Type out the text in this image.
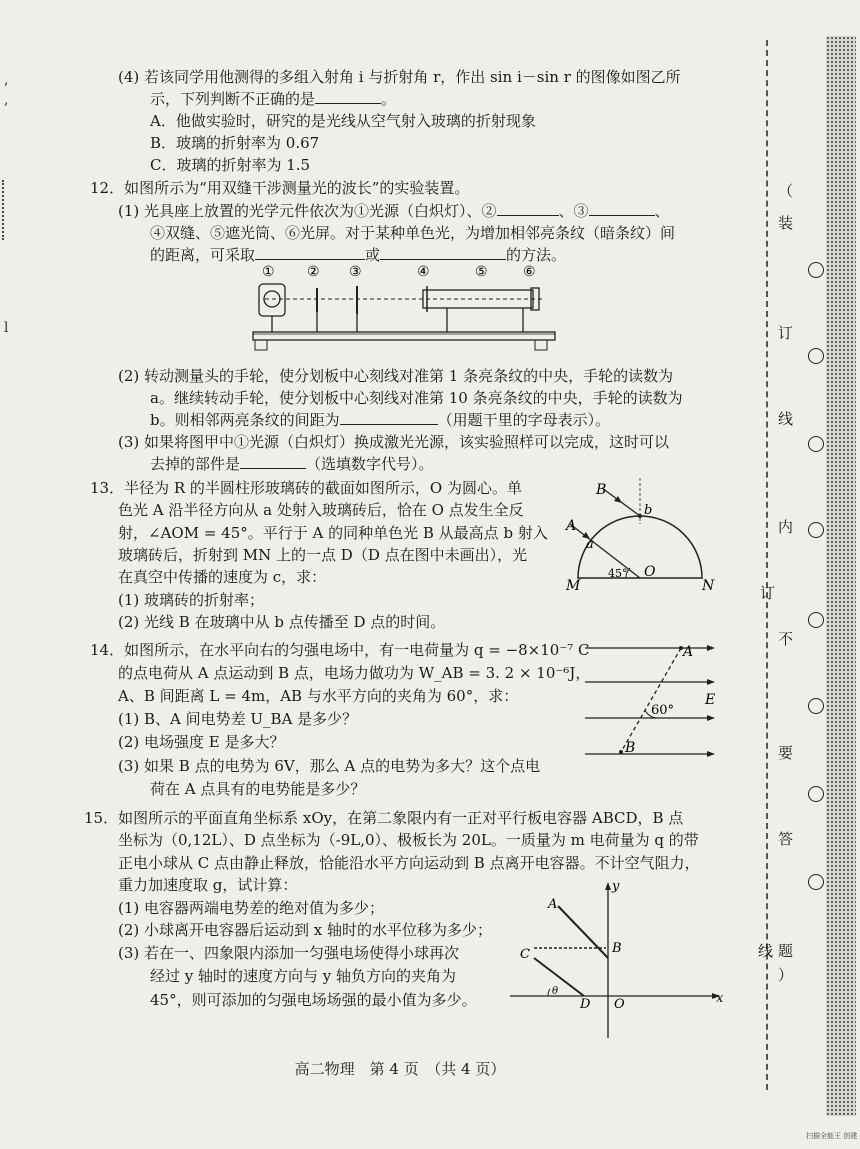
(4) 若该同学用他测得的多组入射角 i 与折射角 r，作出 sin i－sin r 的图像如图乙所
示，下列判断不正确的是	。
A．他做实验时，研究的是光线从空气射入玻璃的折射现象
B．玻璃的折射率为 0.67
C．玻璃的折射率为 1.5
12．如图所示为“用双缝干涉测量光的波长”的实验装置。
(1) 光具座上放置的光学元件依次为①光源（白炽灯）、②	、③	、
④双缝、⑤遮光筒、⑥光屏。对于某种单色光，为增加相邻亮条纹（暗条纹）间
的距离，可采取	或	的方法。
① ② ③	④	⑤	⑥
(2) 转动测量头的手轮，使分划板中心刻线对准第 1 条亮条纹的中央，手轮的读数为
a。继续转动手轮，使分划板中心刻线对准第 10 条亮条纹的中央，手轮的读数为
b。则相邻两亮条纹的间距为	（用题干里的字母表示）。
(3) 如果将图甲中①光源（白炽灯）换成激光光源，该实验照样可以完成，这时可以
去掉的部件是	（选填数字代号）。
13．半径为 R 的半圆柱形玻璃砖的截面如图所示，O 为圆心。单
色光 A 沿半径方向从 a 处射入玻璃砖后，恰在 O 点发生全反
射，∠AOM = 45°。平行于 A 的同种单色光 B 从最高点 b 射入
玻璃砖后，折射到 MN 上的一点 D（D 点在图中未画出），光
在真空中传播的速度为 c，求：
(1) 玻璃砖的折射率；
(2) 光线 B 在玻璃中从 b 点传播至 D 点的时间。
B
b
A
a
M	N
O
45°
14．如图所示，在水平向右的匀强电场中，有一电荷量为 q = −8×10⁻⁷ C
的点电荷从 A 点运动到 B 点，电场力做功为 W_AB = 3. 2 × 10⁻⁶J，
A、B 间距离 L = 4m，AB 与水平方向的夹角为 60°，求：
(1) B、A 间电势差 U_BA 是多少？
(2) 电场强度 E 是多大？
(3) 如果 B 点的电势为 6V，那么 A 点的电势为多大？这个点电
荷在 A 点具有的电势能是多少？
A
B
E
60°
15．如图所示的平面直角坐标系 xOy，在第二象限内有一正对平行板电容器 ABCD，B 点
坐标为（0,12L）、D 点坐标为（-9L,0）、极板长为 20L。一质量为 m 电荷量为 q 的带
正电小球从 C 点由静止释放，恰能沿水平方向运动到 B 点离开电容器。不计空气阻力，
重力加速度取 g，试计算：
(1) 电容器两端电势差的绝对值为多少；
(2) 小球离开电容器后运动到 x 轴时的水平位移为多少；
(3) 若在一、四象限内添加一匀强电场使得小球再次
经过 y 轴时的速度方向与 y 轴负方向的夹角为
45°，则可添加的匀强电场场强的最小值为多少。
y
x
A
B
C
D O
θ
高二物理　第 4 页　（共 4 页）
（
装
订
线
内
订
不
要
答
线 题
）
,
,
l
扫描全能王 创建
